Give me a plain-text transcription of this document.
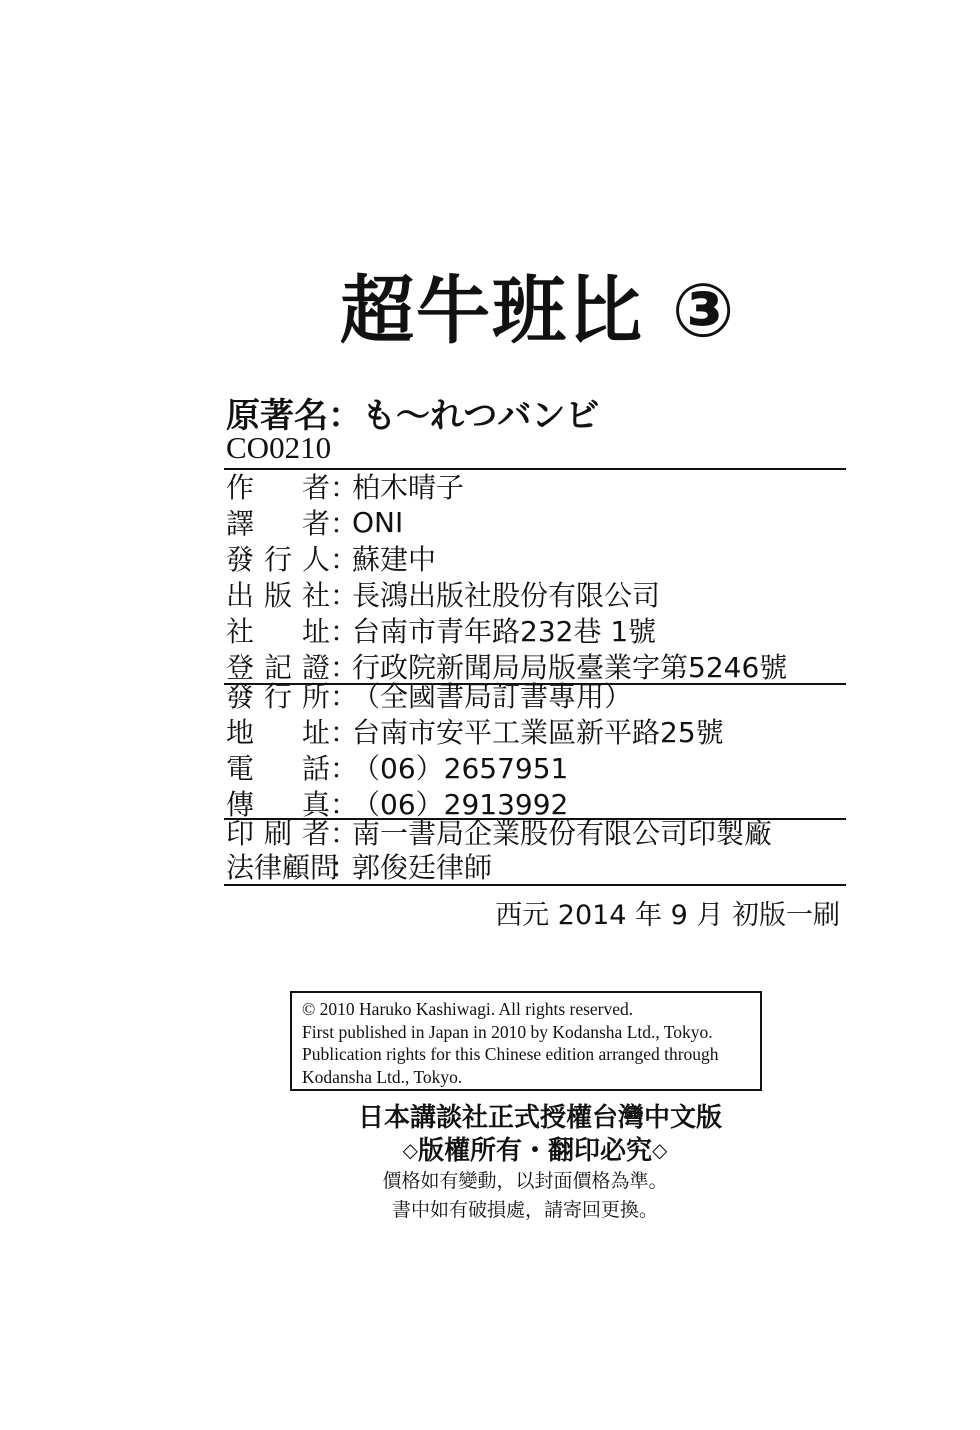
超牛班比 ③
原著名：も〜れつバンビ
CO0210
作 者 ：
柏木晴子
譯 者 ：
ONI
發 行 人 ：
蘇建中
出 版 社 ：
長鴻出版社股份有限公司
社 址 ：
台南市青年路232巷 1號
登 記 證 ：
行政院新聞局局版臺業字第5246號
發 行 所 ：
（全國書局訂書專用）
地 址 ：
台南市安平工業區新平路25號
電 話 ：
（06）2657951
傳 真 ：
（06）2913992
印 刷 者 ：
南一書局企業股份有限公司印製廠
法 律 顧 問
：
郭俊廷律師
西元 2014 年 9 月 初版一刷
© 2010 Haruko Kashiwagi. All rights reserved.
First published in Japan in 2010 by Kodansha Ltd., Tokyo.
Publication rights for this Chinese edition arranged through
Kodansha Ltd., Tokyo.
日本講談社正式授權台灣中文版
◇版權所有・翻印必究◇
價格如有變動，以封面價格為準。
書中如有破損處，請寄回更換。
